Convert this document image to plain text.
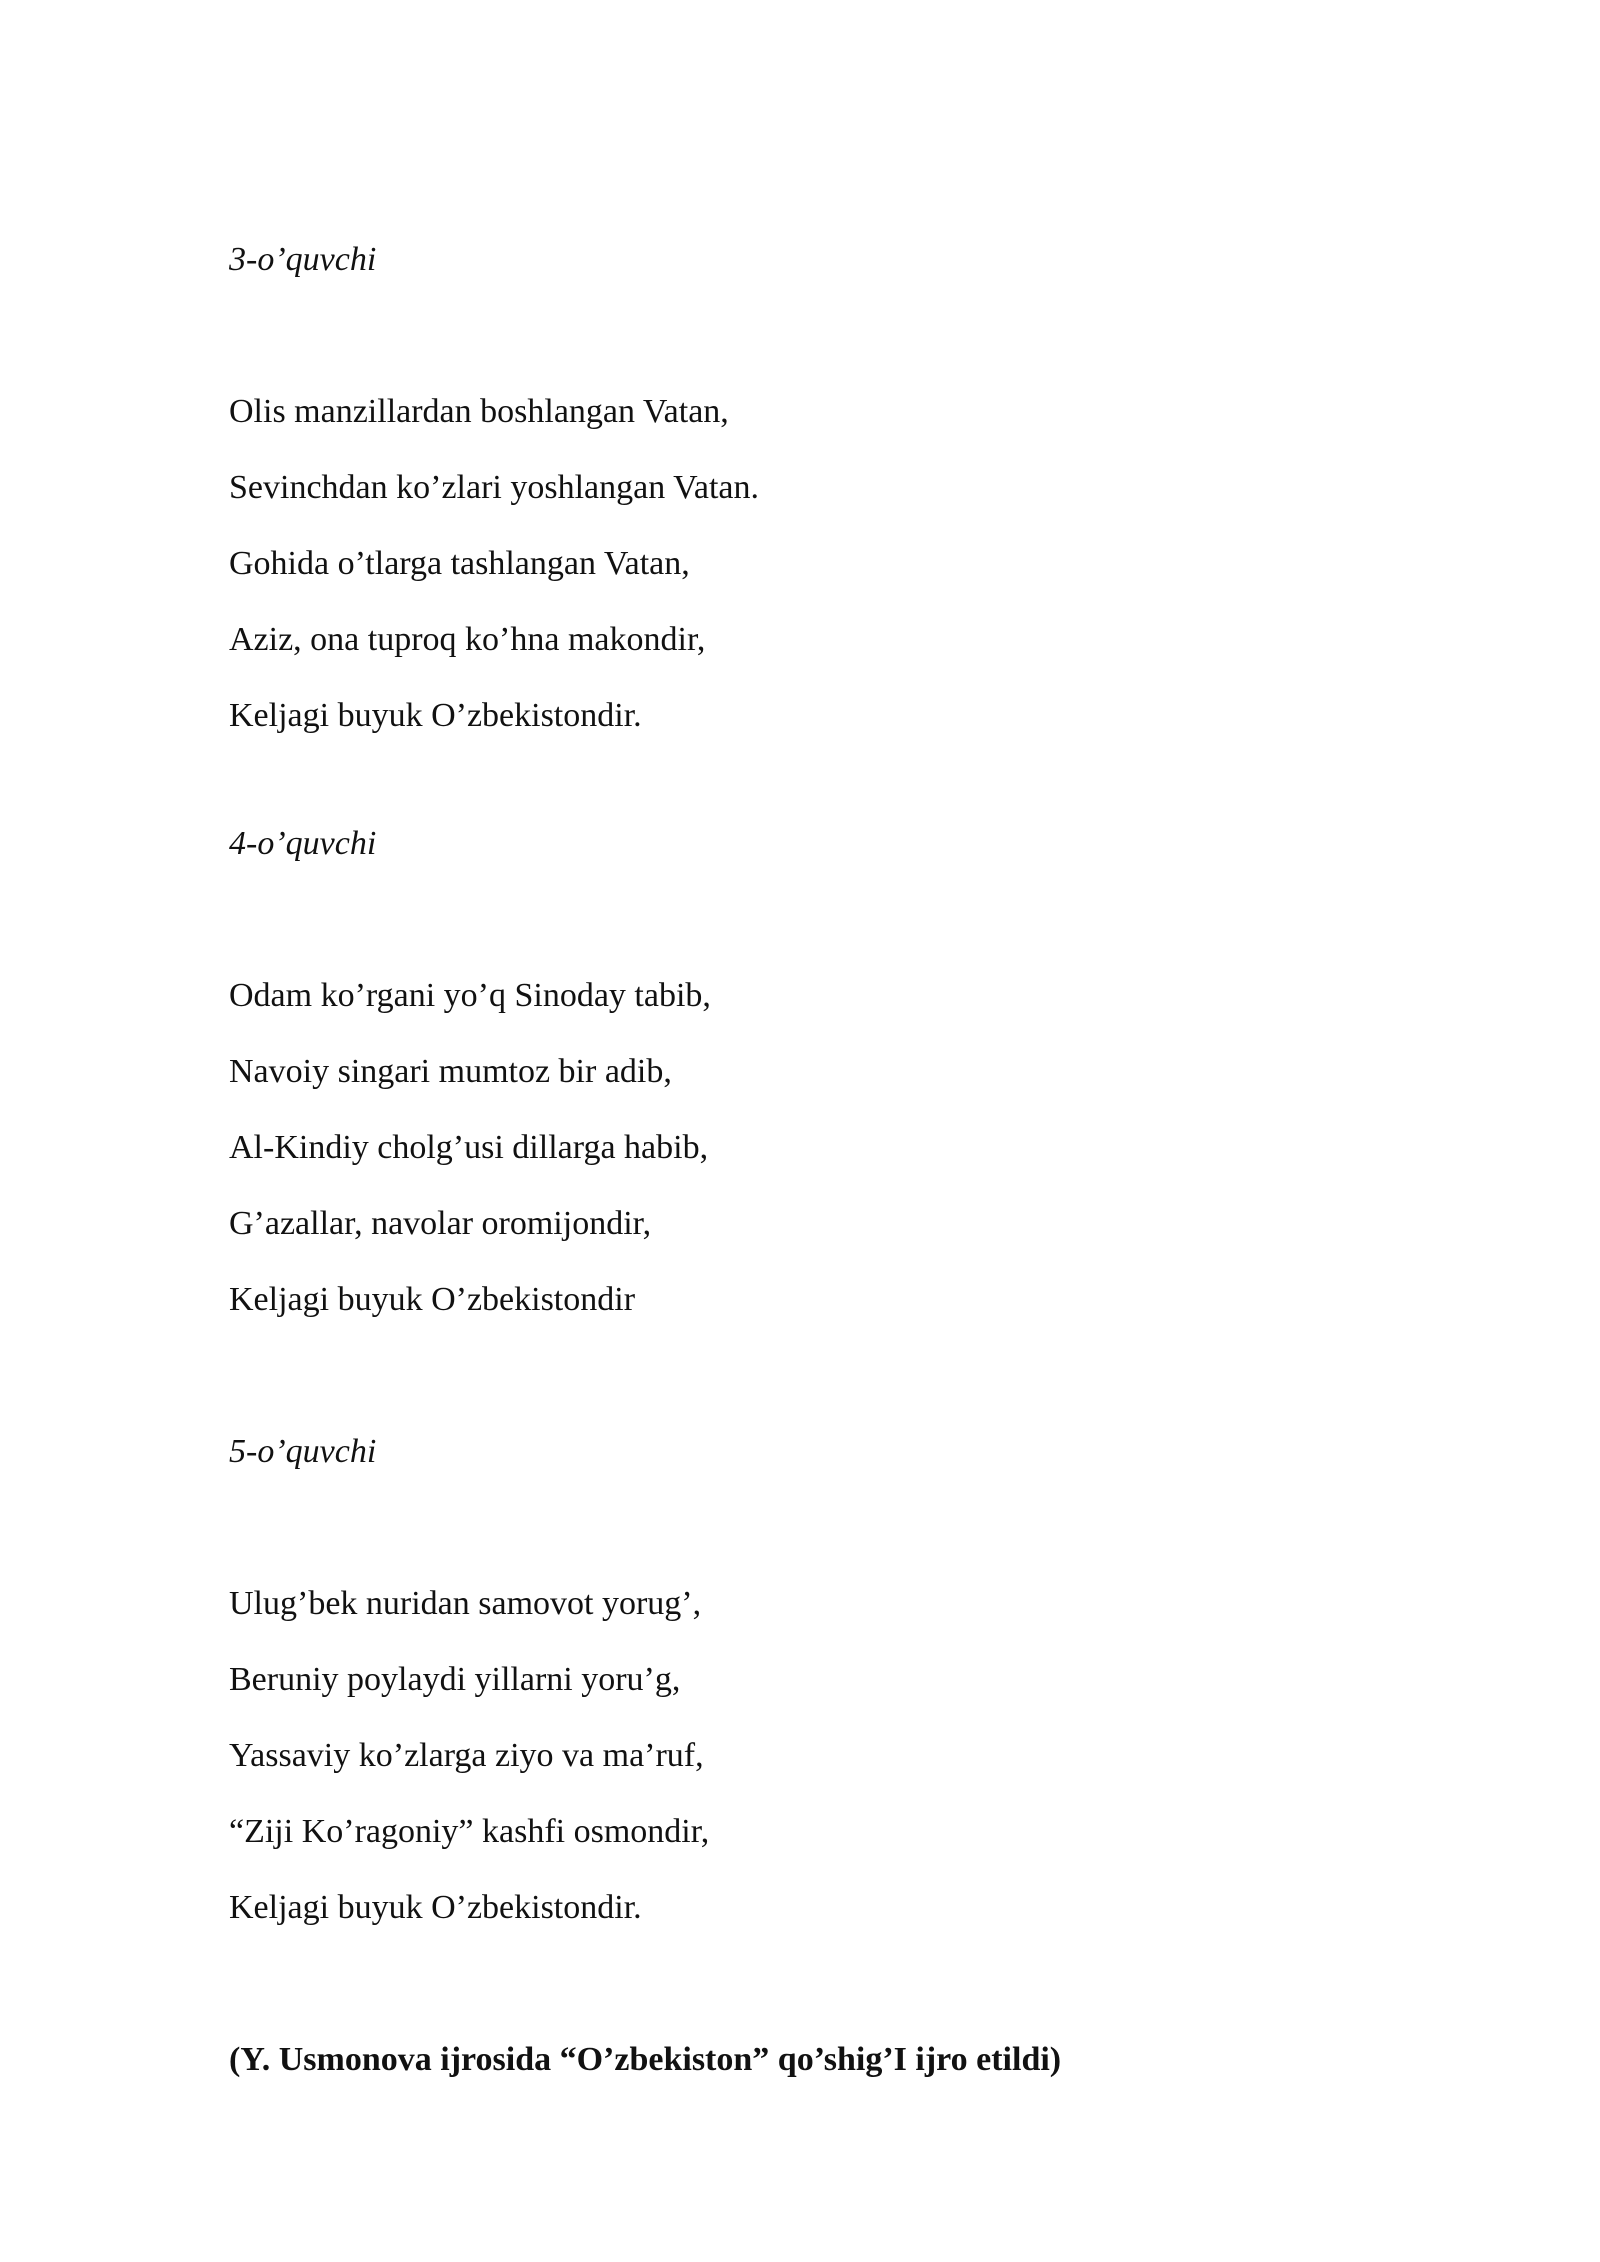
3-o’quvchi
Olis manzillardan boshlangan Vatan,
Sevinchdan ko’zlari yoshlangan Vatan.
Gohida o’tlarga tashlangan Vatan,
Aziz, ona tuproq ko’hna makondir,
Keljagi buyuk O’zbekistondir.
4-o’quvchi
Odam ko’rgani yo’q Sinoday tabib,
Navoiy singari mumtoz bir adib,
Al-Kindiy cholg’usi dillarga habib,
G’azallar, navolar oromijondir,
Keljagi buyuk O’zbekistondir
5-o’quvchi
Ulug’bek nuridan samovot yorug’,
Beruniy poylaydi yillarni yoru’g,
Yassaviy ko’zlarga ziyo va ma’ruf,
“Ziji Ko’ragoniy” kashfi osmondir,
Keljagi buyuk O’zbekistondir.
(Y. Usmonova ijrosida “O’zbekiston” qo’shig’I ijro etildi)
